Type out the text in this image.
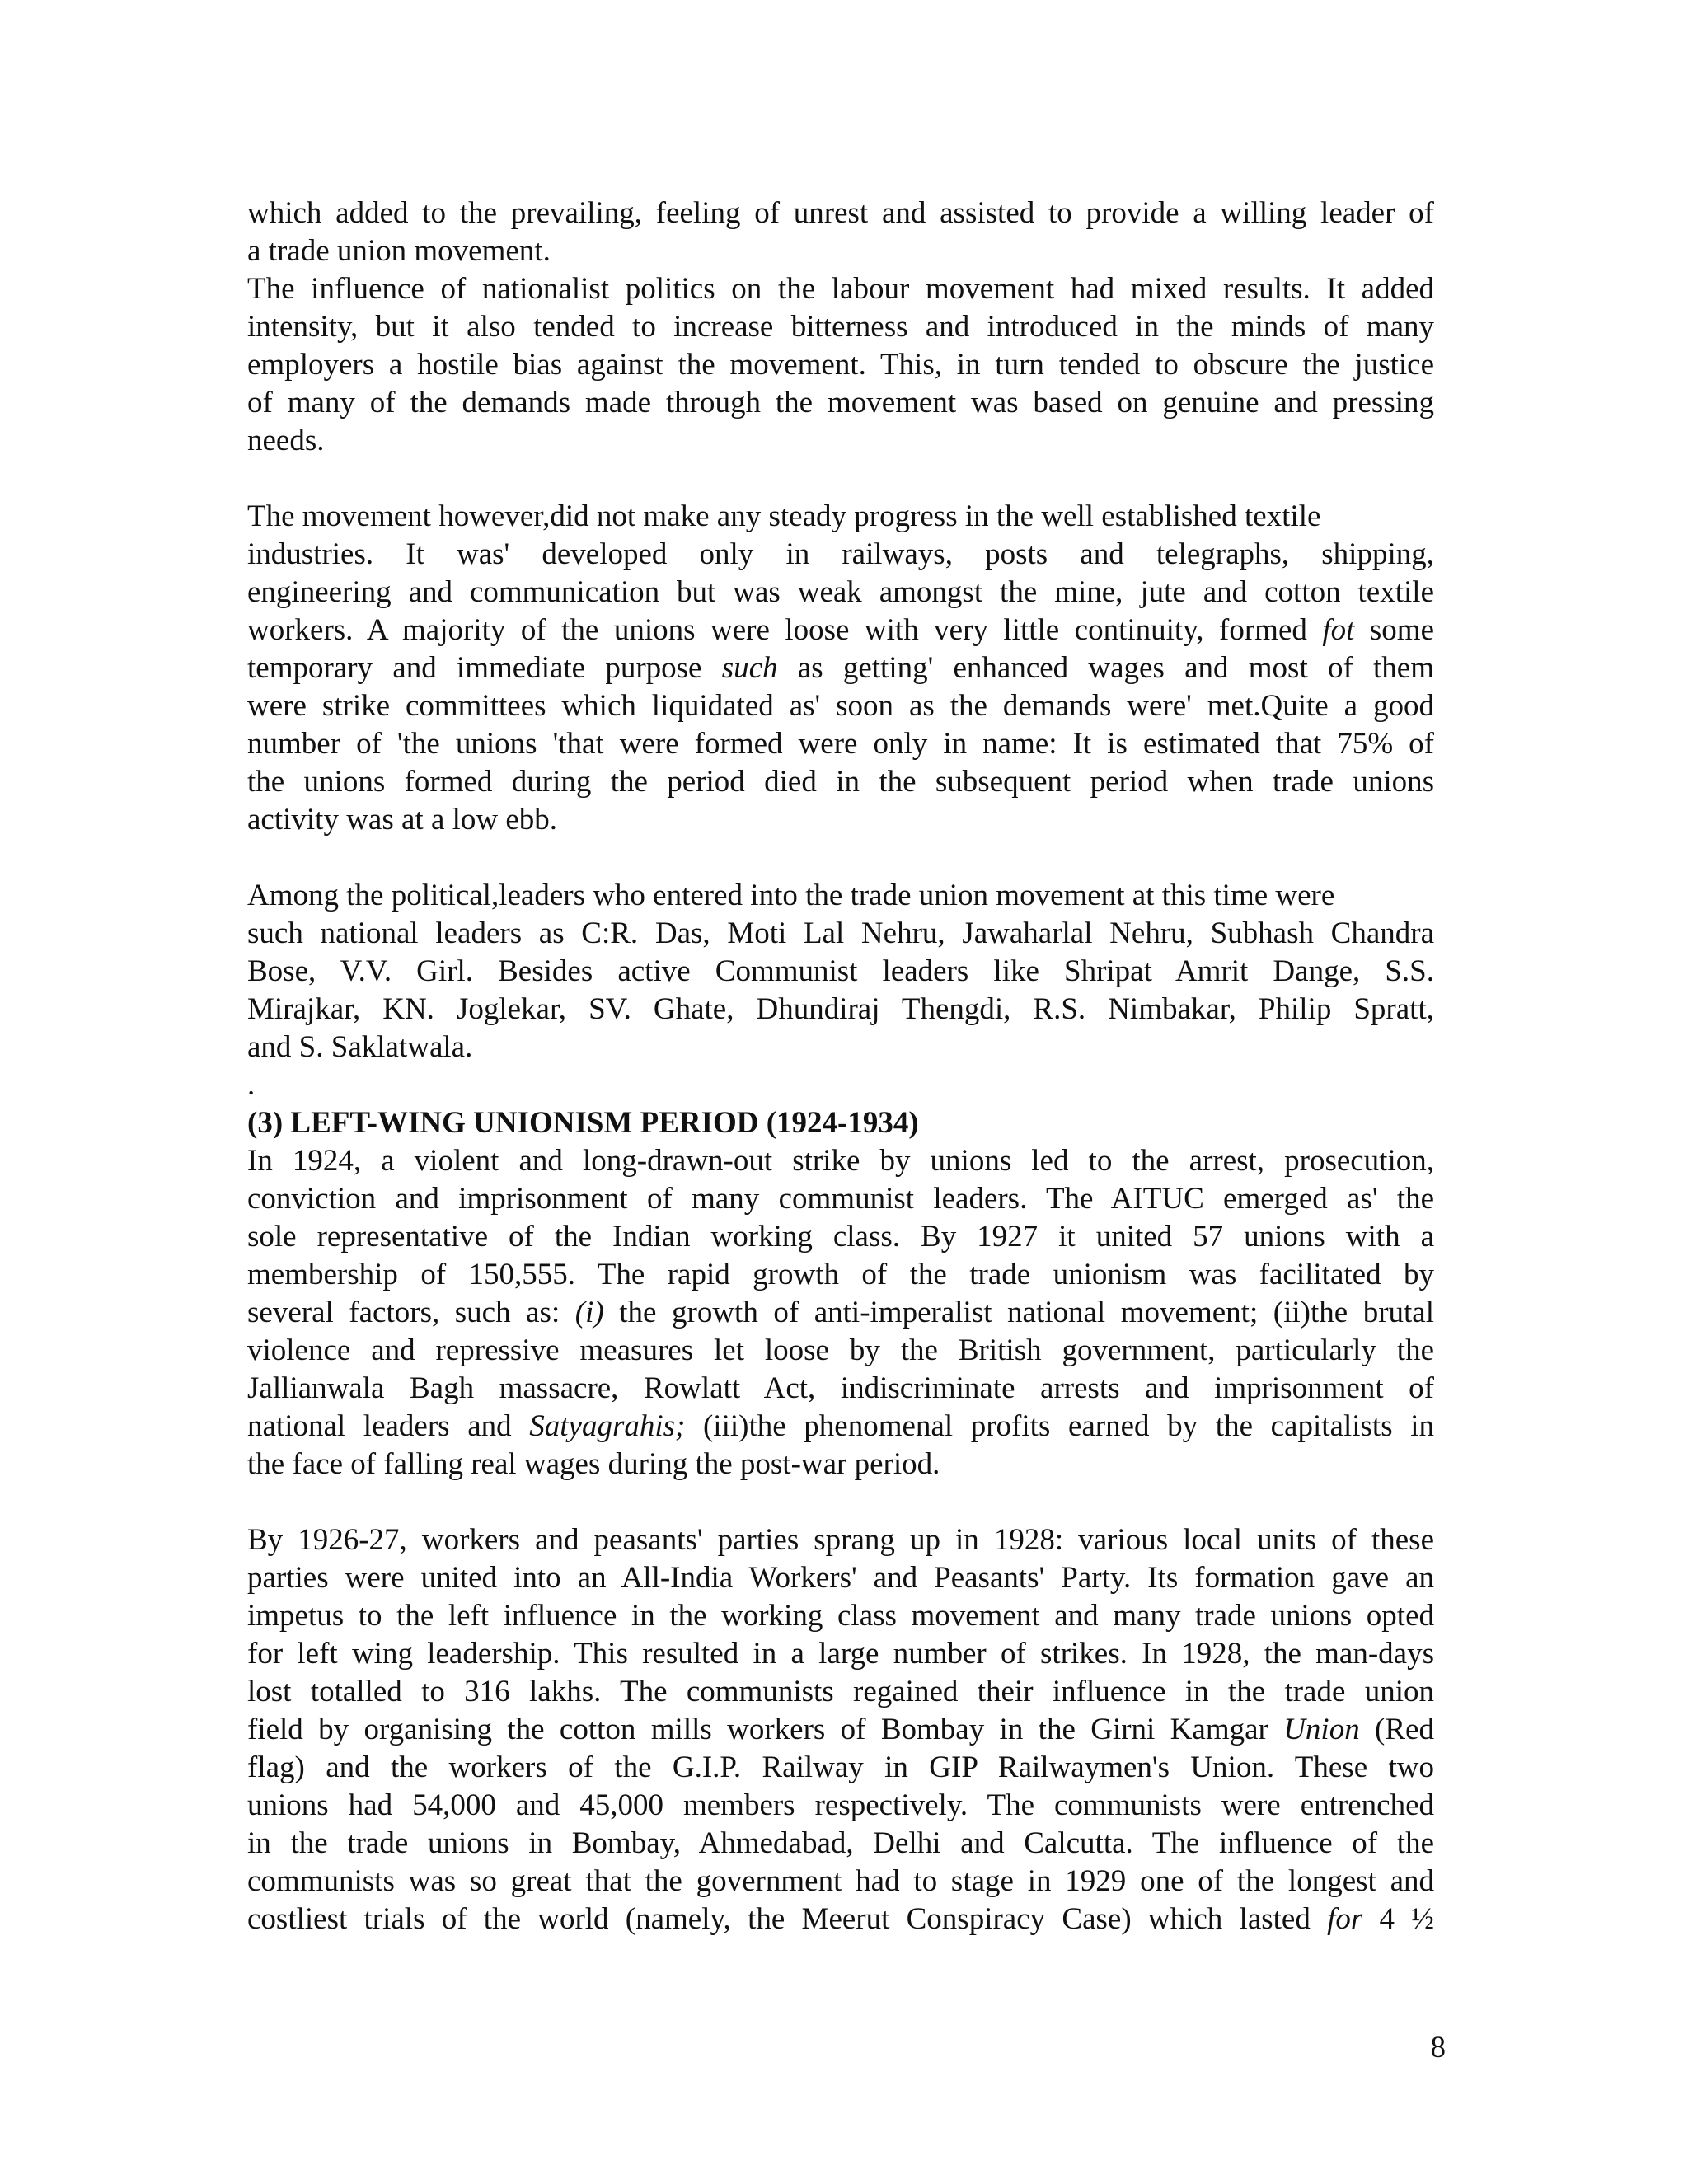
which added to the prevailing, feeling of unrest and assisted to provide a willing leader of
a trade union movement.
The influence of nationalist politics on the labour movement had mixed results. It added
intensity, but it also tended to increase bitterness and introduced in the minds of many
employers a hostile bias against the movement. This, in turn tended to obscure the justice
of many of the demands made through the movement was based on genuine and pressing
needs.
The movement however,did not make any steady progress in the well established textile
industries. It was' developed only in railways, posts and telegraphs, shipping,
engineering and communication but was weak amongst the mine, jute and cotton textile
workers. A majority of the unions were loose with very little continuity, formed fot some
temporary and immediate purpose such as getting' enhanced wages and most of them
were strike committees which liquidated as' soon as the demands were' met.Quite a good
number of 'the unions 'that were formed were only in name: It is estimated that 75% of
the unions formed during the period died in the subsequent period when trade unions
activity was at a low ebb.
Among the political,leaders who entered into the trade union movement at this time were
such national leaders as C:R. Das, Moti Lal Nehru, Jawaharlal Nehru, Subhash Chandra
Bose, V.V. Girl. Besides active Communist leaders like Shripat Amrit Dange, S.S.
Mirajkar, KN. Joglekar, SV. Ghate, Dhundiraj Thengdi, R.S. Nimbakar, Philip Spratt,
and S. Saklatwala.
.
(3) LEFT-WING UNIONISM PERIOD (1924-1934)
In 1924, a violent and long-drawn-out strike by unions led to the arrest, prosecution,
conviction and imprisonment of many communist leaders. The AITUC emerged as' the
sole representative of the Indian working class. By 1927 it united 57 unions with a
membership of 150,555. The rapid growth of the trade unionism was facilitated by
several factors, such as: (i) the growth of anti-imperalist national movement; (ii)the brutal
violence and repressive measures let loose by the British government, particularly the
Jallianwala Bagh massacre, Rowlatt Act, indiscriminate arrests and imprisonment of
national leaders and Satyagrahis; (iii)the phenomenal profits earned by the capitalists in
the face of falling real wages during the post-war period.
By 1926-27, workers and peasants' parties sprang up in 1928: various local units of these
parties were united into an All-India Workers' and Peasants' Party. Its formation gave an
impetus to the left influence in the working class movement and many trade unions opted
for left wing leadership. This resulted in a large number of strikes. In 1928, the man-days
lost totalled to 316 lakhs. The communists regained their influence in the trade union
field by organising the cotton mills workers of Bombay in the Girni Kamgar Union (Red
flag) and the workers of the G.I.P. Railway in GIP Railwaymen's Union. These two
unions had 54,000 and 45,000 members respectively. The communists were entrenched
in the trade unions in Bombay, Ahmedabad, Delhi and Calcutta. The influence of the
communists was so great that the government had to stage in 1929 one of the longest and
costliest trials of the world (namely, the Meerut Conspiracy Case) which lasted for 4 ½
8
